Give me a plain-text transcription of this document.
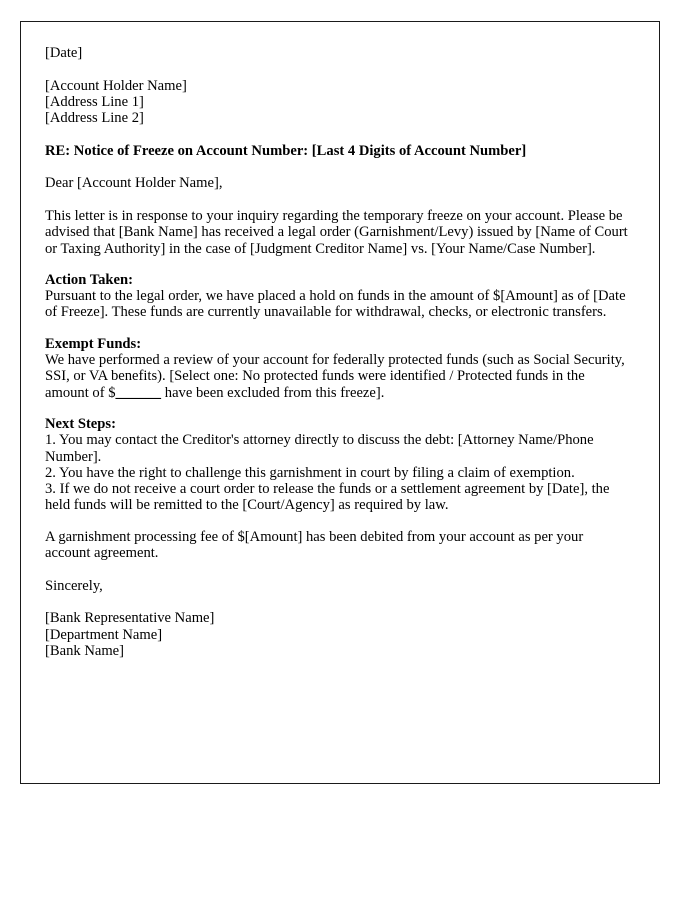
[Date]
[Account Holder Name]
[Address Line 1]
[Address Line 2]
RE: Notice of Freeze on Account Number: [Last 4 Digits of Account Number]
Dear [Account Holder Name],

This letter is in response to your inquiry regarding the temporary freeze on your account. Please be advised that [Bank Name] has received a legal order (Garnishment/Levy) issued by [Name of Court or Taxing Authority] in the case of [Judgment Creditor Name] vs. [Your Name/Case Number].

Action Taken:

Pursuant to the legal order, we have placed a hold on funds in the amount of $[Amount] as of [Date of Freeze]. These funds are currently unavailable for withdrawal, checks, or electronic transfers.

Exempt Funds:

We have performed a review of your account for federally protected funds (such as Social Security, SSI, or VA benefits). [Select one: No protected funds were identified / Protected funds in the amount of $______ have been excluded from this freeze].

Next Steps:

1. You may contact the Creditor's attorney directly to discuss the debt: [Attorney Name/Phone Number].

2. You have the right to challenge this garnishment in court by filing a claim of exemption.

3. If we do not receive a court order to release the funds or a settlement agreement by [Date], the held funds will be remitted to the [Court/Agency] as required by law.

A garnishment processing fee of $[Amount] has been debited from your account as per your account agreement.

Sincerely,
[Bank Representative Name]
[Department Name]
[Bank Name]
